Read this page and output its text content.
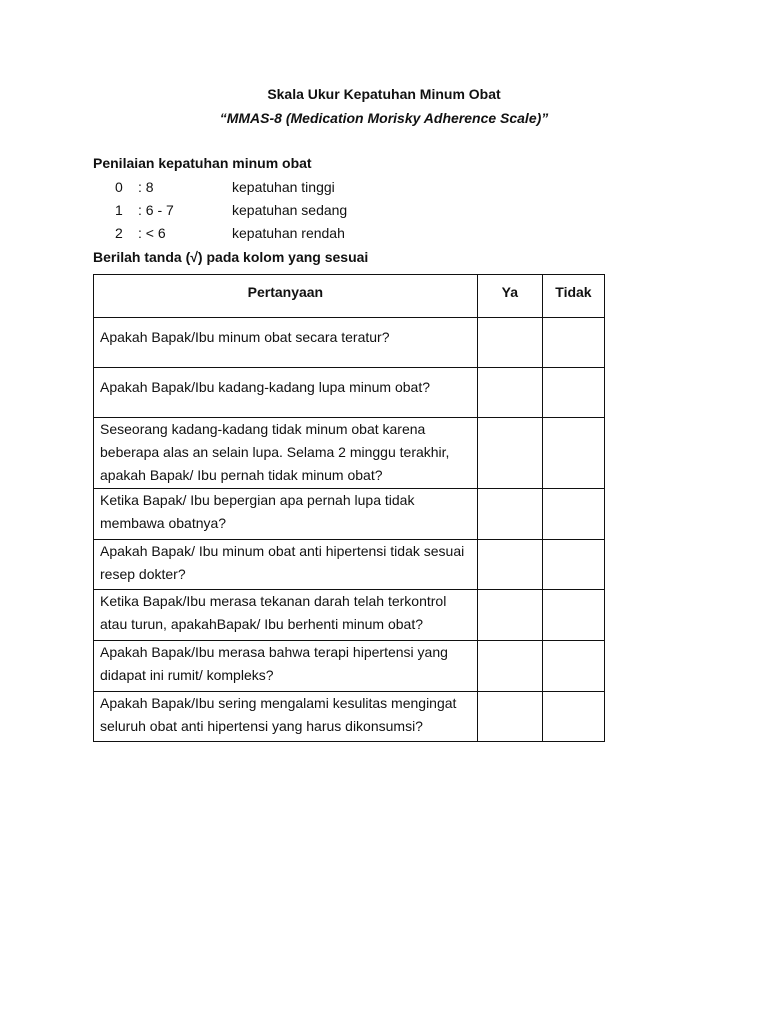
Skala Ukur Kepatuhan Minum Obat
“MMAS-8 (Medication Morisky Adherence Scale)”
Penilaian kepatuhan minum obat
0 : 8	kepatuhan tinggi
1 : 6 - 7	kepatuhan sedang
2 : < 6	kepatuhan rendah
Berilah tanda (√) pada kolom yang sesuai
Pertanyaan	Ya	Tidak
Apakah Bapak/Ibu minum obat secara teratur?		
Apakah Bapak/Ibu kadang-kadang lupa minum obat?		
Seseorang kadang-kadang tidak minum obat karena beberapa alas an selain lupa. Selama 2 minggu terakhir, apakah Bapak/ Ibu pernah tidak minum obat?		
Ketika Bapak/ Ibu bepergian apa pernah lupa tidak membawa obatnya?		
Apakah Bapak/ Ibu minum obat anti hipertensi tidak sesuai resep dokter?		
Ketika Bapak/Ibu merasa tekanan darah telah terkontrol atau turun, apakahBapak/ Ibu berhenti minum obat?		
Apakah Bapak/Ibu merasa bahwa terapi hipertensi yang didapat ini rumit/ kompleks?		
Apakah Bapak/Ibu sering mengalami kesulitas mengingat seluruh obat anti hipertensi yang harus dikonsumsi?		
